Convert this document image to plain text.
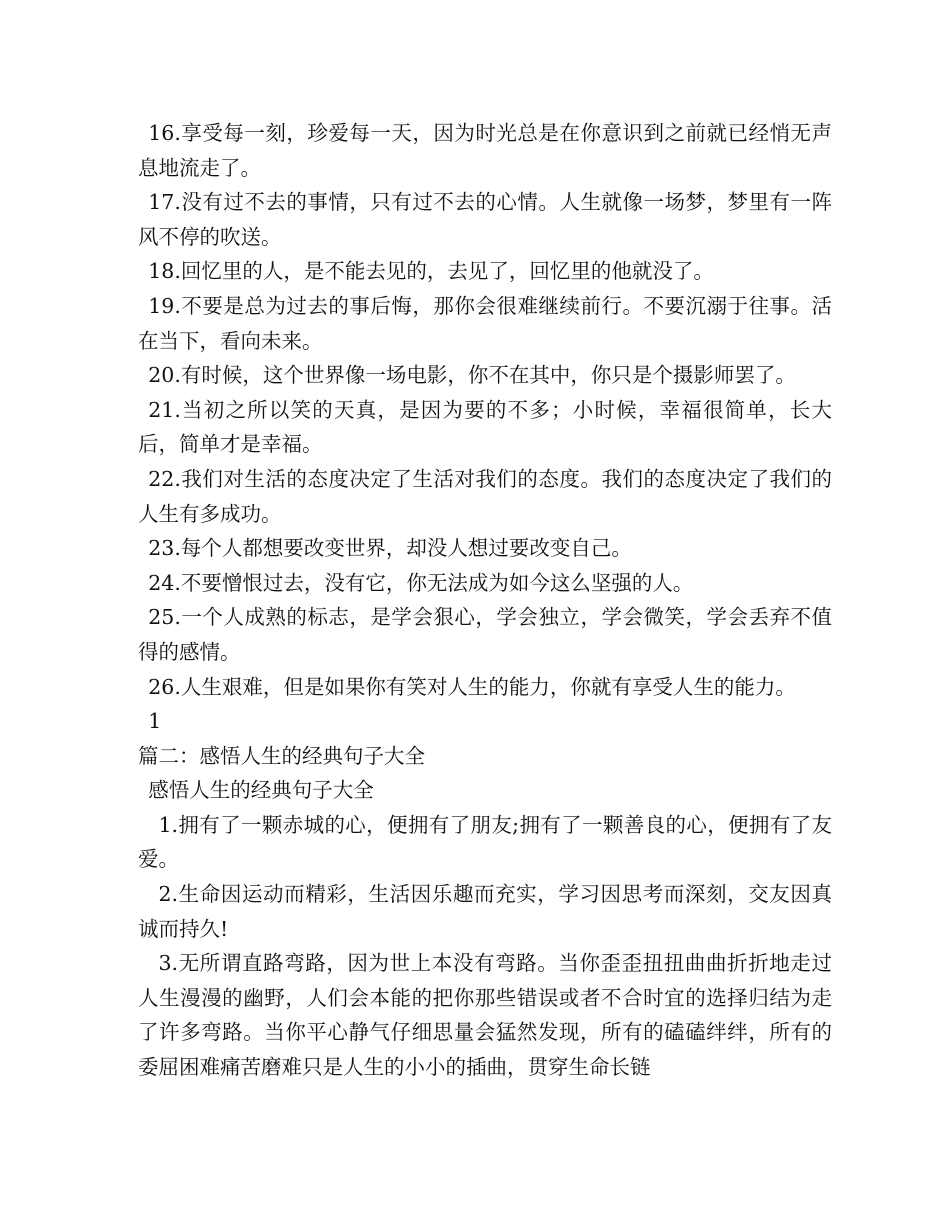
16.享受每一刻，珍爱每一天，因为时光总是在你意识到之前就已经悄无声息地流走了。

17.没有过不去的事情，只有过不去的心情。人生就像一场梦，梦里有一阵风不停的吹送。

18.回忆里的人，是不能去见的，去见了，回忆里的他就没了。

19.不要是总为过去的事后悔，那你会很难继续前行。不要沉溺于往事。活在当下，看向未来。

20.有时候，这个世界像一场电影，你不在其中，你只是个摄影师罢了。

21.当初之所以笑的天真，是因为要的不多；小时候，幸福很简单，长大后，简单才是幸福。

22.我们对生活的态度决定了生活对我们的态度。我们的态度决定了我们的人生有多成功。

23.每个人都想要改变世界，却没人想过要改变自己。

24.不要憎恨过去，没有它，你无法成为如今这么坚强的人。

25.一个人成熟的标志，是学会狠心，学会独立，学会微笑，学会丢弃不值得的感情。

26.人生艰难，但是如果你有笑对人生的能力，你就有享受人生的能力。

1

篇二：感悟人生的经典句子大全

感悟人生的经典句子大全

1.拥有了一颗赤城的心，便拥有了朋友;拥有了一颗善良的心，便拥有了友爱。

2.生命因运动而精彩，生活因乐趣而充实，学习因思考而深刻，交友因真诚而持久!

3.无所谓直路弯路，因为世上本没有弯路。当你歪歪扭扭曲曲折折地走过人生漫漫的幽野，人们会本能的把你那些错误或者不合时宜的选择归结为走了许多弯路。当你平心静气仔细思量会猛然发现，所有的磕磕绊绊，所有的委屈困难痛苦磨难只是人生的小小的插曲，贯穿生命长链
